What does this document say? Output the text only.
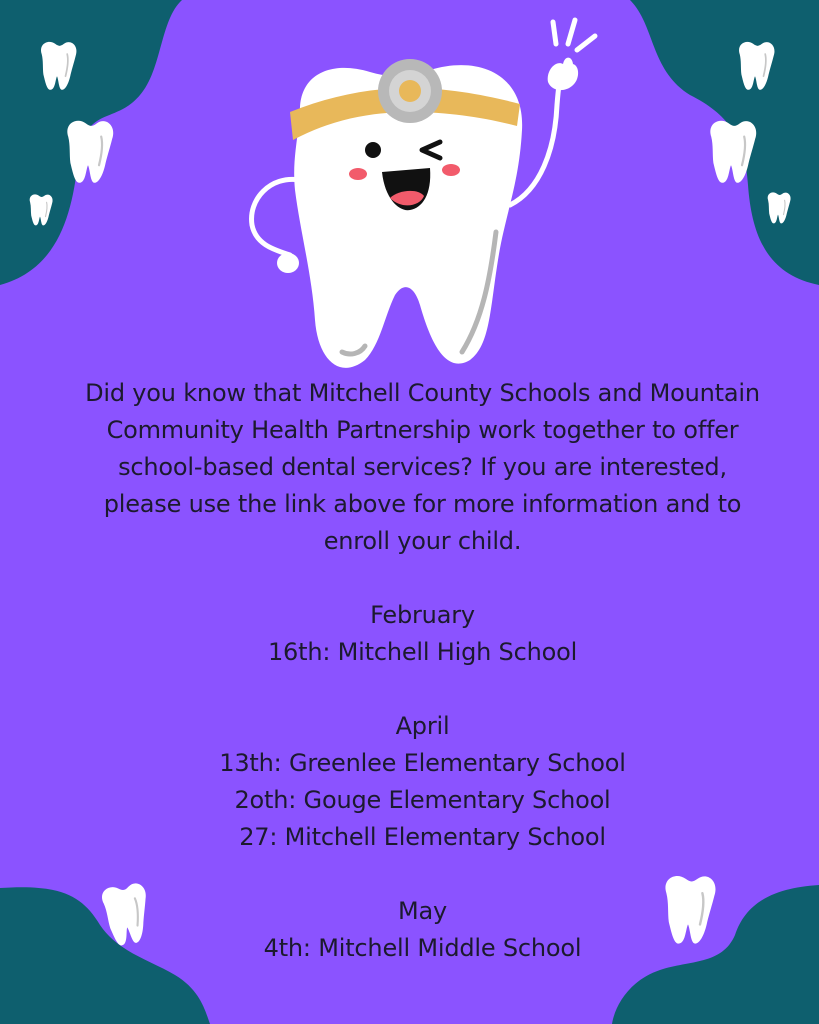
Did you know that Mitchell County Schools and Mountain
Community Health Partnership work together to offer
school-based dental services? If you are interested,
please use the link above for more information and to
enroll your child.

February
16th: Mitchell High School
April
13th: Greenlee Elementary School
2oth: Gouge Elementary School
27: Mitchell Elementary School
May
4th: Mitchell Middle School
